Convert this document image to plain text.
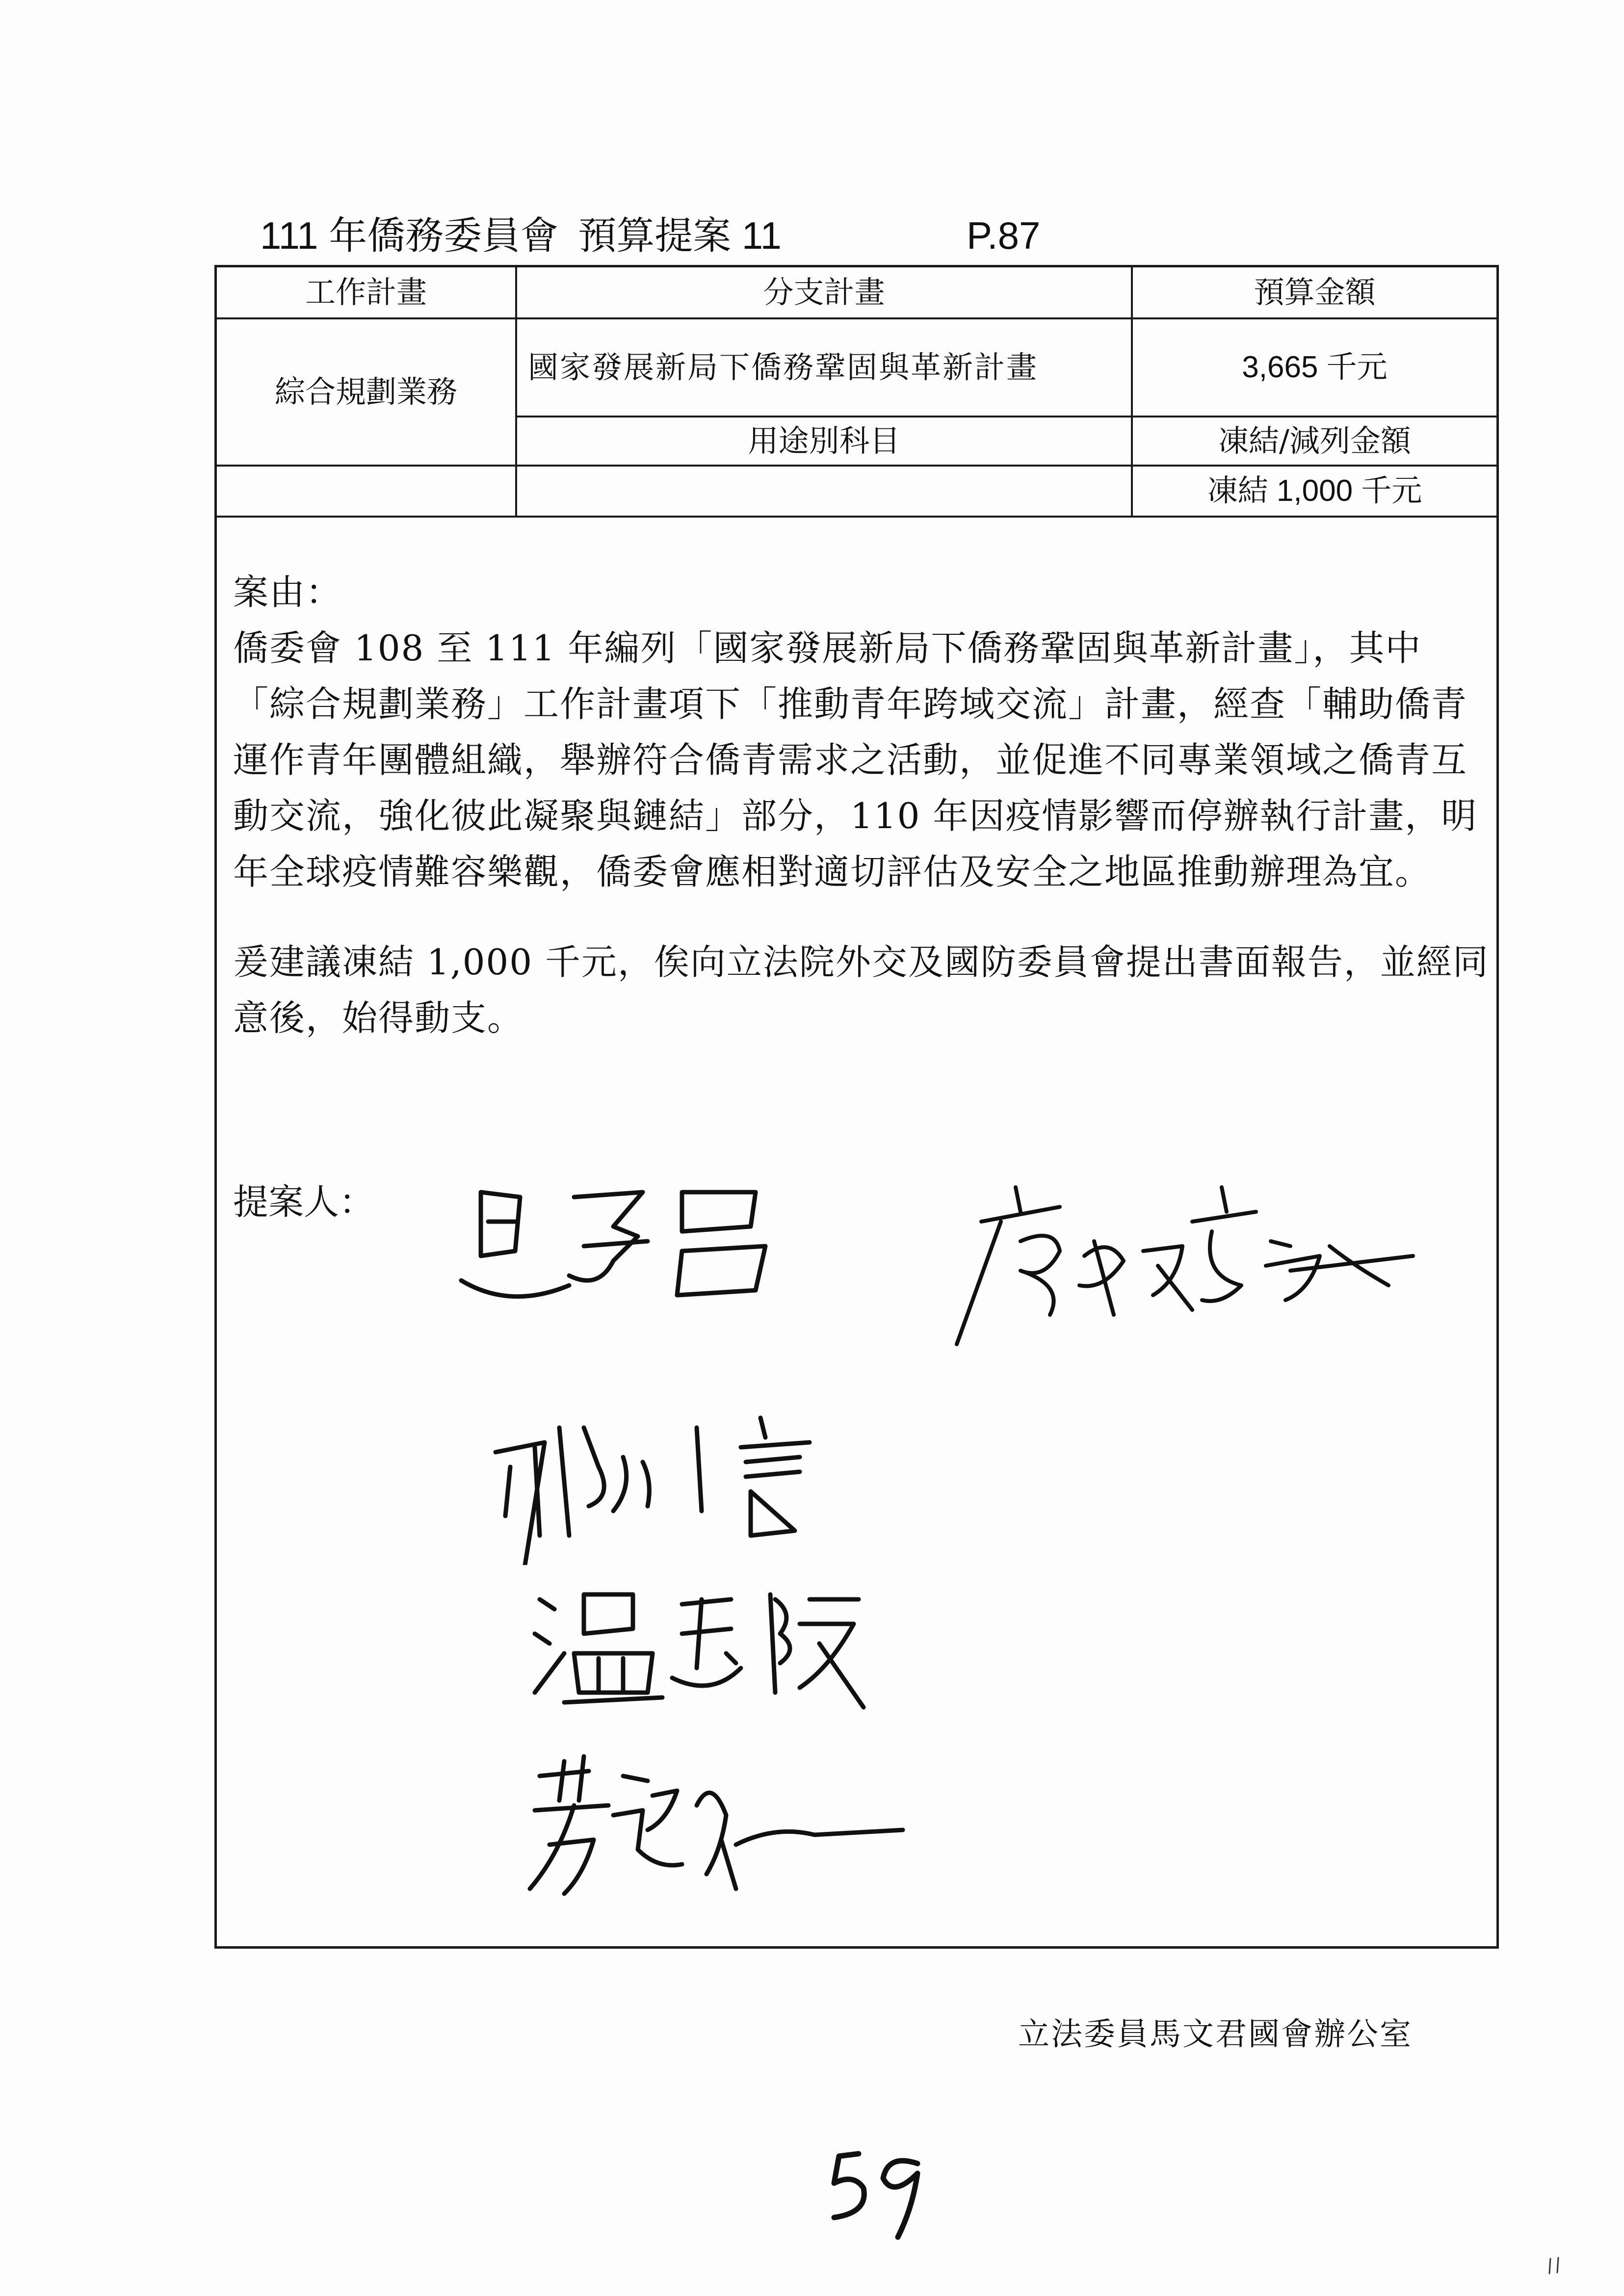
111 年僑務委員會 預算提案 11	P.87
工作計畫	分支計畫	預算金額
綜合規劃業務	國家發展新局下僑務鞏固與革新計畫	3,665 千元
	用途別科目	凍結/減列金額
		凍結 1,000 千元

案由：

僑委會 108 至 111 年編列「國家發展新局下僑務鞏固與革新計畫」，其中「綜合規劃業務」工作計畫項下「推動青年跨域交流」計畫，經查「輔助僑青運作青年團體組織，舉辦符合僑青需求之活動，並促進不同專業領域之僑青互動交流，強化彼此凝聚與鏈結」部分，110 年因疫情影響而停辦執行計畫，明年全球疫情難容樂觀，僑委會應相對適切評估及安全之地區推動辦理為宜。

爰建議凍結 1,000 千元，俟向立法院外交及國防委員會提出書面報告，並經同意後，始得動支。

提案人：
立法委員馬文君國會辦公室
